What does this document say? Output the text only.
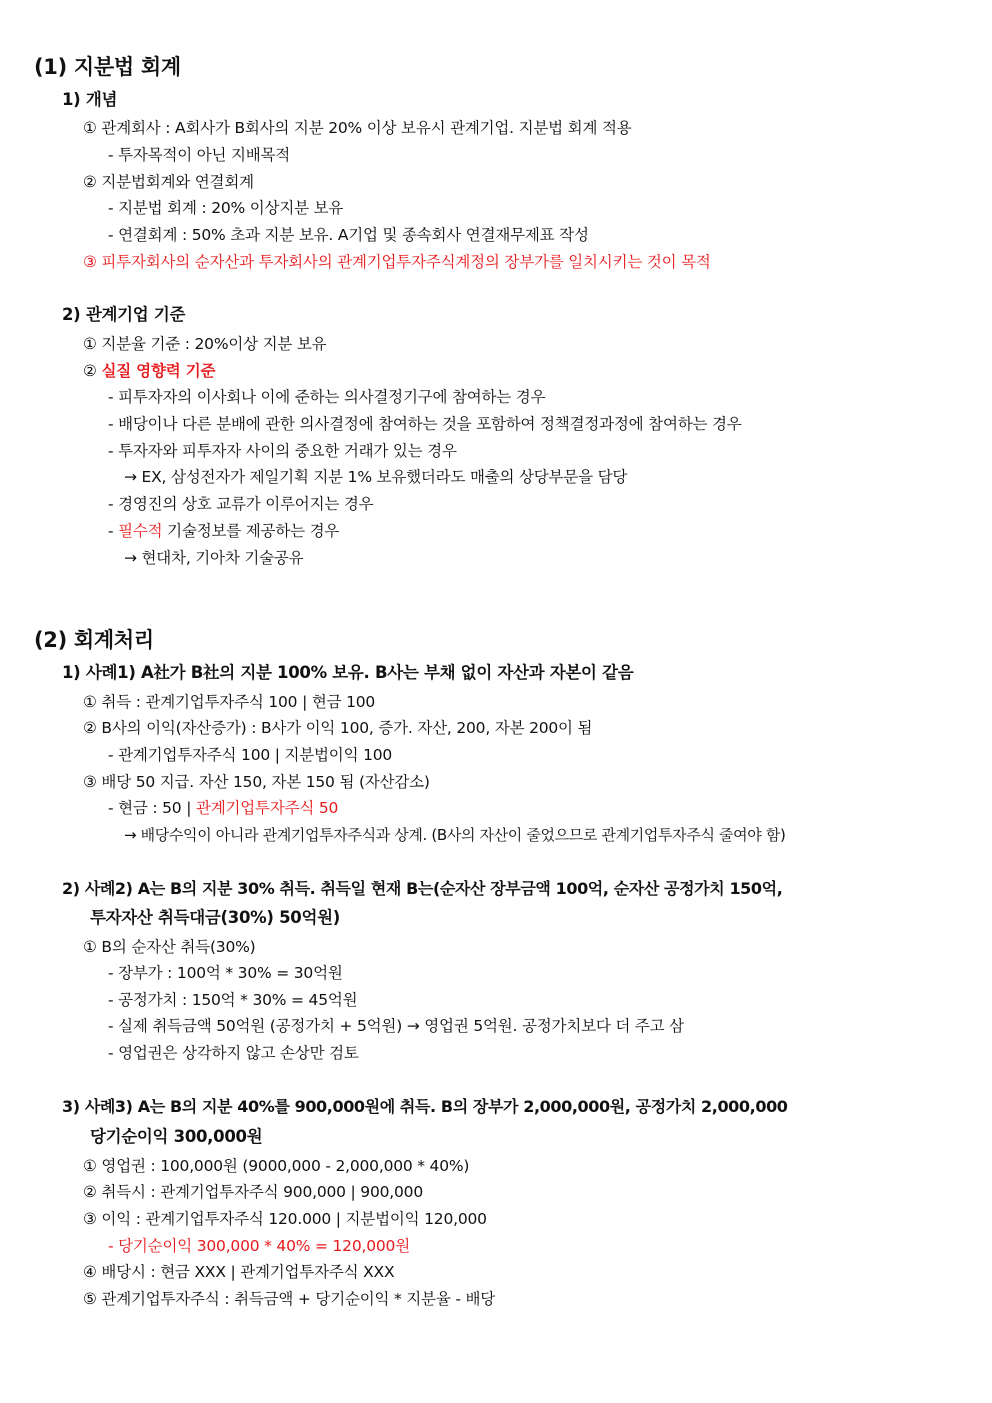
(1) 지분법 회계
1) 개념
① 관계회사 : A회사가 B회사의 지분 20% 이상 보유시 관계기업. 지분법 회계 적용
- 투자목적이 아닌 지배목적
② 지분법회계와 연결회계
- 지분법 회계 : 20% 이상지분 보유
- 연결회계 : 50% 초과 지분 보유. A기업 및 종속회사 연결재무제표 작성
③ 피투자회사의 순자산과 투자회사의 관계기업투자주식계정의 장부가를 일치시키는 것이 목적
2) 관계기업 기준
① 지분율 기준 : 20%이상 지분 보유
② 실질 영향력 기준
- 피투자자의 이사회나 이에 준하는 의사결정기구에 참여하는 경우
- 배당이나 다른 분배에 관한 의사결정에 참여하는 것을 포함하여 정책결정과정에 참여하는 경우
- 투자자와 피투자자 사이의 중요한 거래가 있는 경우
→ EX, 삼성전자가 제일기획 지분 1% 보유했더라도 매출의 상당부문을 담당
- 경영진의 상호 교류가 이루어지는 경우
- 필수적 기술정보를 제공하는 경우
→ 현대차, 기아차 기술공유
(2) 회계처리
1) 사례1) A社가 B社의 지분 100% 보유. B사는 부채 없이 자산과 자본이 같음
① 취득 : 관계기업투자주식 100 | 현금 100
② B사의 이익(자산증가) : B사가 이익 100, 증가. 자산, 200, 자본 200이 됨
- 관계기업투자주식 100 | 지분법이익 100
③ 배당 50 지급. 자산 150, 자본 150 됨 (자산감소)
- 현금 : 50 | 관계기업투자주식 50
→ 배당수익이 아니라 관계기업투자주식과 상계. (B사의 자산이 줄었으므로 관계기업투자주식 줄여야 함)
2) 사례2) A는 B의 지분 30% 취득. 취득일 현재 B는(순자산 장부금액 100억, 순자산 공정가치 150억,
투자자산 취득대금(30%) 50억원)
① B의 순자산 취득(30%)
- 장부가 : 100억 * 30% = 30억원
- 공정가치 : 150억 * 30% = 45억원
- 실제 취득금액 50억원 (공정가치 + 5억원) → 영업권 5억원. 공정가치보다 더 주고 삼
- 영업권은 상각하지 않고 손상만 검토
3) 사례3) A는 B의 지분 40%를 900,000원에 취득. B의 장부가 2,000,000원, 공정가치 2,000,000
당기순이익 300,000원
① 영업권 : 100,000원 (9000,000 - 2,000,000 * 40%)
② 취득시 : 관계기업투자주식 900,000 | 900,000
③ 이익 : 관계기업투자주식 120.000 | 지분법이익 120,000
- 당기순이익 300,000 * 40% = 120,000원
④ 배당시 : 현금 XXX | 관계기업투자주식 XXX
⑤ 관계기업투자주식 : 취득금액 + 당기순이익 * 지분율 - 배당
